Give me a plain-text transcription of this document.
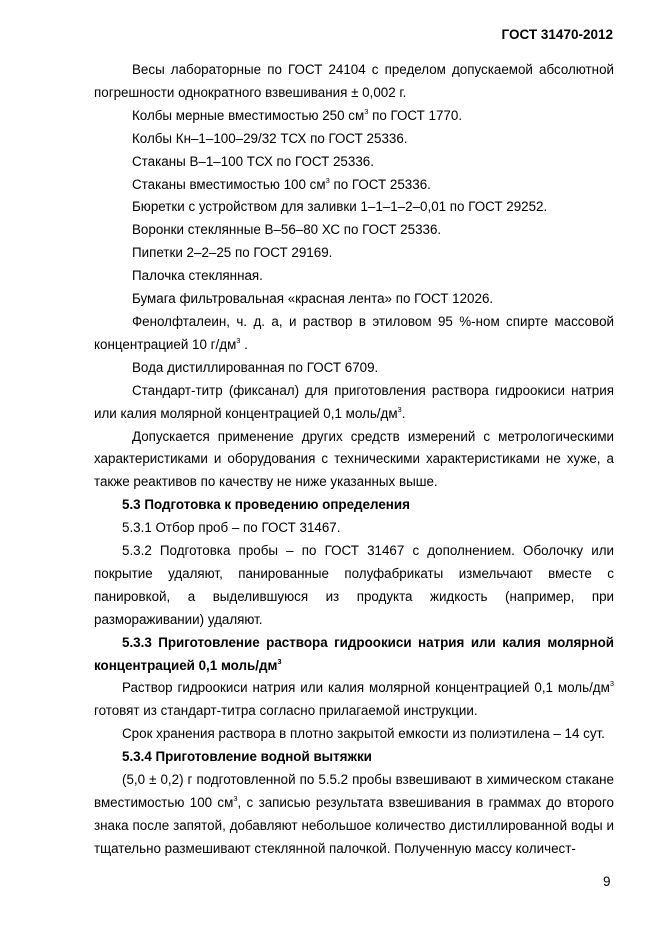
ГОСТ 31470-2012

Весы лабораторные по ГОСТ 24104 с пределом допускаемой абсолютной погрешности однократного взвешивания ± 0,002 г.

Колбы мерные вместимостью 250 $см^3$ по ГОСТ 1770.

Колбы Кн–1–100–29/32 ТСХ по ГОСТ 25336.

Стаканы В–1–100 ТСХ по ГОСТ 25336.

Стаканы вместимостью 100 $см^3$ по ГОСТ 25336.

Бюретки с устройством для заливки 1–1–1–2–0,01 по ГОСТ 29252.

Воронки стеклянные В–56–80 ХС по ГОСТ 25336.

Пипетки 2–2–25 по ГОСТ 29169.

Палочка стеклянная.

Бумага фильтровальная «красная лента» по ГОСТ 12026.

Фенолфталеин, ч. д. а, и раствор в этиловом 95 %-ном спирте массовой концентрацией 10 $г/дм^3$ .

Вода дистиллированная по ГОСТ 6709.

Стандарт-титр (фиксанал) для приготовления раствора гидроокиси натрия или калия молярной концентрацией 0,1 моль/$дм^3$.

Допускается применение других средств измерений с метрологическими характеристиками и оборудования с техническими характеристиками не хуже, а также реактивов по качеству не ниже указанных выше.

5.3 Подготовка к проведению определения

5.3.1 Отбор проб – по ГОСТ 31467.

5.3.2 Подготовка пробы – по ГОСТ 31467 с дополнением. Оболочку или покрытие удаляют, панированные полуфабрикаты измельчают вместе с панировкой, а выделившуюся из продукта жидкость (например, при размораживании) удаляют.

5.3.3 Приготовление раствора гидроокиси натрия или калия молярной концентрацией 0,1 моль/$дм^3$

Раствор гидроокиси натрия или калия молярной концентрацией 0,1 моль/$дм^3$ готовят из стандарт-титра согласно прилагаемой инструкции.

Срок хранения раствора в плотно закрытой емкости из полиэтилена – 14 сут.

5.3.4 Приготовление водной вытяжки

(5,0 ± 0,2) г подготовленной по 5.5.2 пробы взвешивают в химическом стакане вместимостью 100 $см^3$, с записью результата взвешивания в граммах до второго знака после запятой, добавляют небольшое количество дистиллированной воды и тщательно размешивают стеклянной палочкой. Полученную массу количест-

9
